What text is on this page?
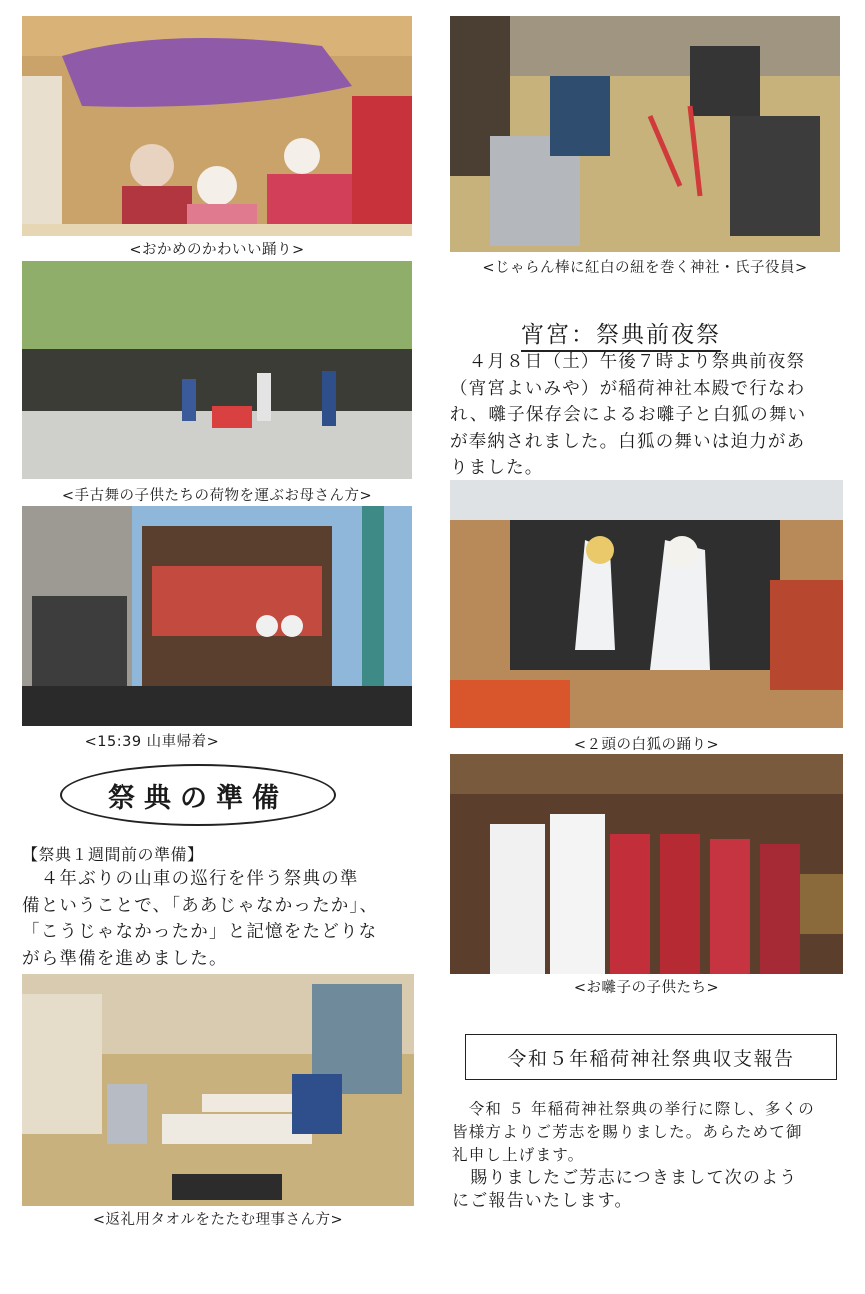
<おかめのかわいい踊り>
<手古舞の子供たちの荷物を運ぶお母さん方>
<15:39 山車帰着>
祭典の準備
【祭典１週間前の準備】
　４年ぶりの山車の巡行を伴う祭典の準
備ということで、「ああじゃなかったか」、
「こうじゃなかったか」と記憶をたどりな
がら準備を進めました。
<返礼用タオルをたたむ理事さん方>
<じゃらん棒に紅白の紐を巻く神社・氏子役員>
宵宮：祭典前夜祭
　４月８日（土）午後７時より祭典前夜祭
（宵宮よいみや）が稲荷神社本殿で行なわ
れ、囃子保存会によるお囃子と白狐の舞い
が奉納されました。白狐の舞いは迫力があ
りました。
<２頭の白狐の踊り>
<お囃子の子供たち>
令和５年稲荷神社祭典収支報告
　令和 ５ 年稲荷神社祭典の挙行に際し、多くの
皆様方よりご芳志を賜りました。あらためて御
礼申し上げます。
　賜りましたご芳志につきまして次のよう
にご報告いたします。
